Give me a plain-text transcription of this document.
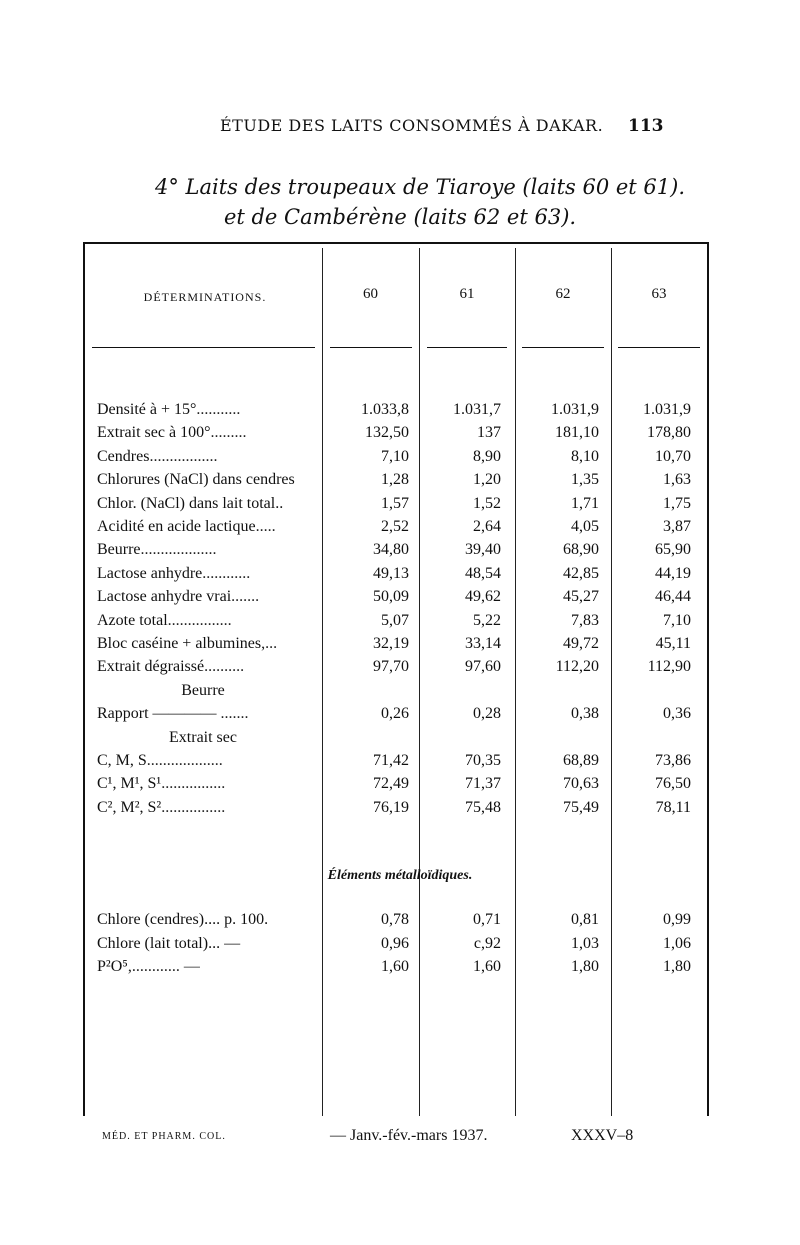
ÉTUDE DES LAITS CONSOMMÉS À DAKAR. 113
4° Laits des troupeaux de Tiaroye (laits 60 et 61).
et de Cambérène (laits 62 et 63).
DÉTERMINATIONS.	60	61	62	63
Densité à + 15°...........	1.033,8	1.031,7	1.031,9	1.031,9
Extrait sec à 100°.........	132,50	137	181,10	178,80
Cendres.................	7,10	8,90	8,10	10,70
Chlorures (NaCl) dans cendres	1,28	1,20	1,35	1,63
Chlor. (NaCl) dans lait total..	1,57	1,52	1,71	1,75
Acidité en acide lactique.....	2,52	2,64	4,05	3,87
Beurre...................	34,80	39,40	68,90	65,90
Lactose anhydre............	49,13	48,54	42,85	44,19
Lactose anhydre vrai.......	50,09	49,62	45,27	46,44
Azote total................	5,07	5,22	7,83	7,10
Bloc caséine + albumines,...	32,19	33,14	49,72	45,11
Extrait dégraissé..........	97,70	97,60	112,20	112,90
Beurre
Rapport ———— .......	0,26	0,28	0,38	0,36
Extrait sec
C, M, S...................	71,42	70,35	68,89	73,86
C¹, M¹, S¹................	72,49	71,37	70,63	76,50
C², M², S²................	76,19	75,48	75,49	78,11
Éléments métalloïdiques.
Chlore (cendres).... p. 100.	0,78	0,71	0,81	0,99
Chlore (lait total)... —	0,96	c,92	1,03	1,06
P²O⁵,............ —	1,60	1,60	1,80	1,80
MÉD. ET PHARM. COL.	— Janv.-fév.-mars 1937.	XXXV–8
